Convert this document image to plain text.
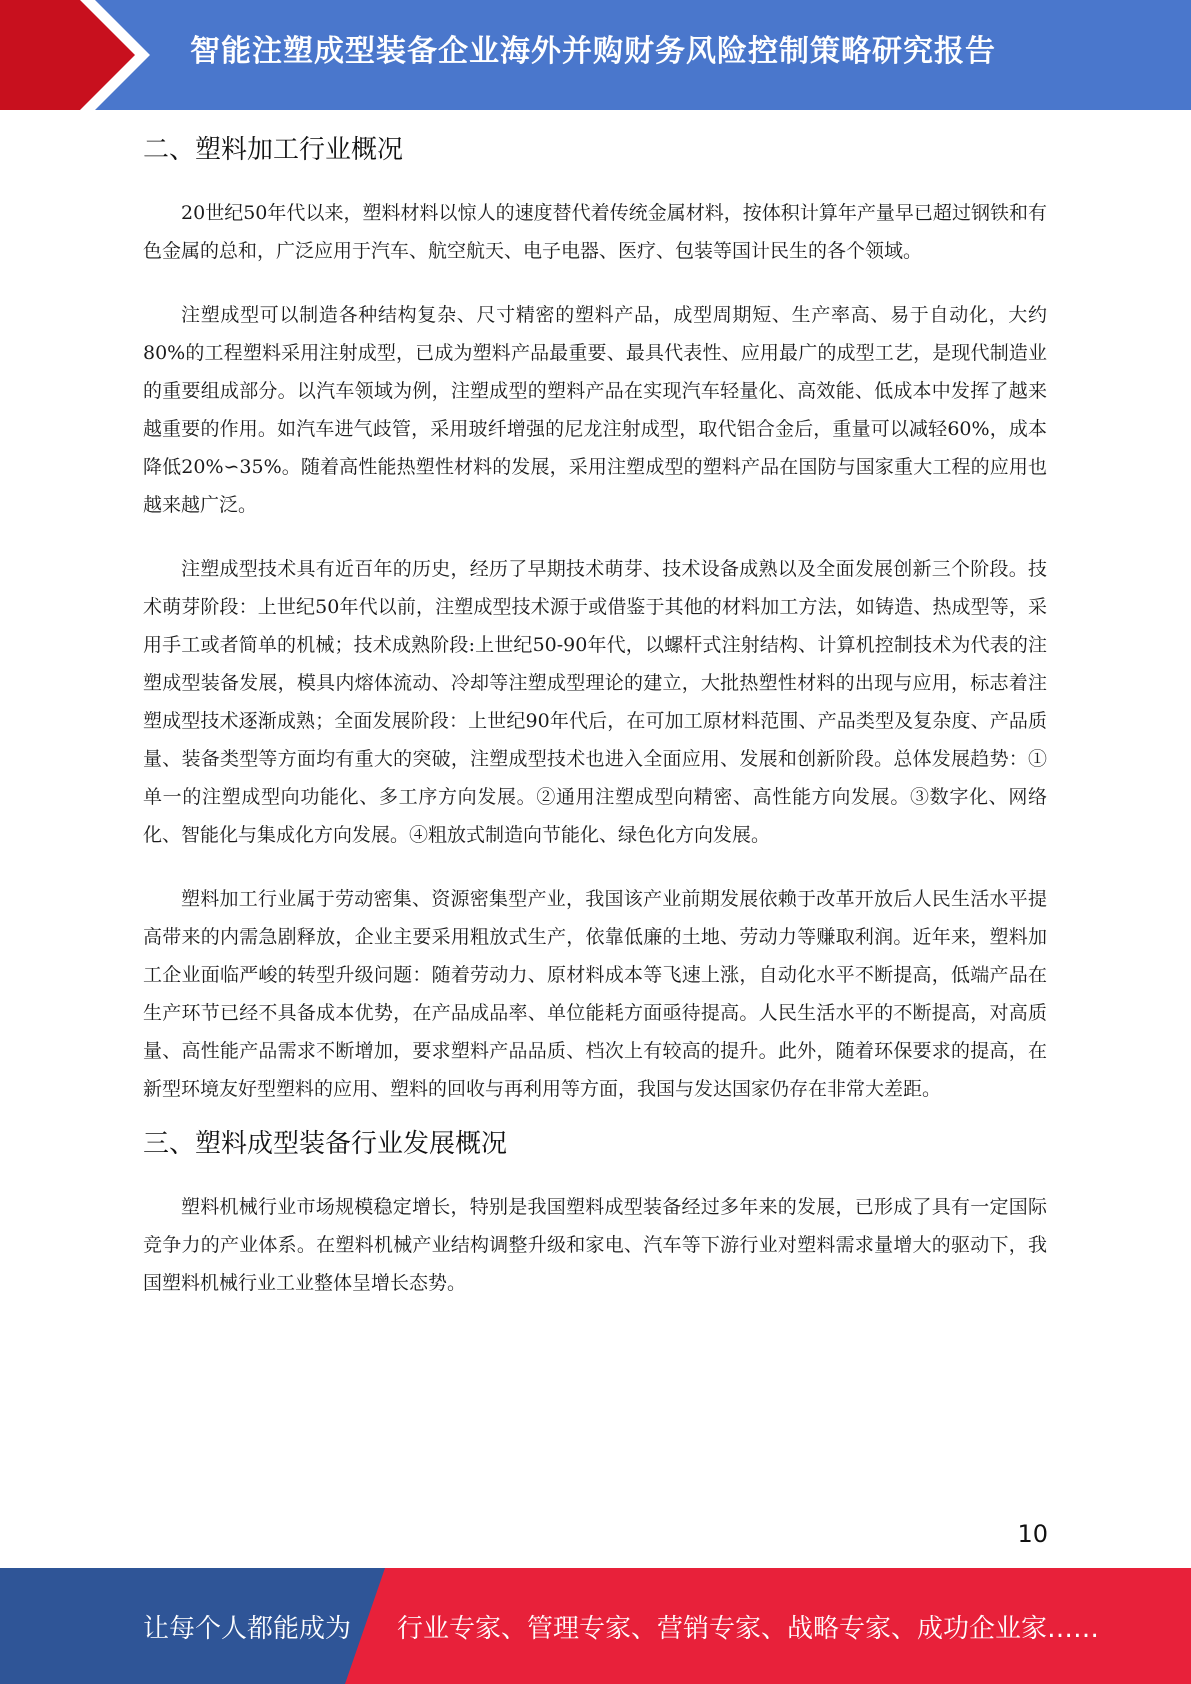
智能注塑成型装备企业海外并购财务风险控制策略研究报告
二、塑料加工行业概况

20世纪50年代以来，塑料材料以惊人的速度替代着传统金属材料，按体积计算年产量早已超过钢铁和有色金属的总和，广泛应用于汽车、航空航天、电子电器、医疗、包装等国计民生的各个领域。

注塑成型可以制造各种结构复杂、尺寸精密的塑料产品，成型周期短、生产率高、易于自动化，大约80%的工程塑料采用注射成型，已成为塑料产品最重要、最具代表性、应用最广的成型工艺，是现代制造业的重要组成部分。以汽车领域为例，注塑成型的塑料产品在实现汽车轻量化、高效能、低成本中发挥了越来越重要的作用。如汽车进气歧管，采用玻纤增强的尼龙注射成型，取代铝合金后，重量可以减轻60%，成本降低20%∽35%。随着高性能热塑性材料的发展，采用注塑成型的塑料产品在国防与国家重大工程的应用也越来越广泛。

注塑成型技术具有近百年的历史，经历了早期技术萌芽、技术设备成熟以及全面发展创新三个阶段。技术萌芽阶段：上世纪50年代以前，注塑成型技术源于或借鉴于其他的材料加工方法，如铸造、热成型等，采用手工或者简单的机械；技术成熟阶段:上世纪50-90年代，以螺杆式注射结构、计算机控制技术为代表的注塑成型装备发展，模具内熔体流动、冷却等注塑成型理论的建立，大批热塑性材料的出现与应用，标志着注塑成型技术逐渐成熟；全面发展阶段：上世纪90年代后，在可加工原材料范围、产品类型及复杂度、产品质量、装备类型等方面均有重大的突破，注塑成型技术也进入全面应用、发展和创新阶段。总体发展趋势：①单一的注塑成型向功能化、多工序方向发展。②通用注塑成型向精密、高性能方向发展。③数字化、网络化、智能化与集成化方向发展。④粗放式制造向节能化、绿色化方向发展。

塑料加工行业属于劳动密集、资源密集型产业，我国该产业前期发展依赖于改革开放后人民生活水平提高带来的内需急剧释放，企业主要采用粗放式生产，依靠低廉的土地、劳动力等赚取利润。近年来，塑料加工企业面临严峻的转型升级问题：随着劳动力、原材料成本等飞速上涨，自动化水平不断提高，低端产品在生产环节已经不具备成本优势，在产品成品率、单位能耗方面亟待提高。人民生活水平的不断提高，对高质量、高性能产品需求不断增加，要求塑料产品品质、档次上有较高的提升。此外，随着环保要求的提高，在新型环境友好型塑料的应用、塑料的回收与再利用等方面，我国与发达国家仍存在非常大差距。

三、塑料成型装备行业发展概况

塑料机械行业市场规模稳定增长，特别是我国塑料成型装备经过多年来的发展，已形成了具有一定国际竞争力的产业体系。在塑料机械产业结构调整升级和家电、汽车等下游行业对塑料需求量增大的驱动下，我国塑料机械行业工业整体呈增长态势。

10
让每个人都能成为 行业专家、管理专家、营销专家、战略专家、成功企业家……
